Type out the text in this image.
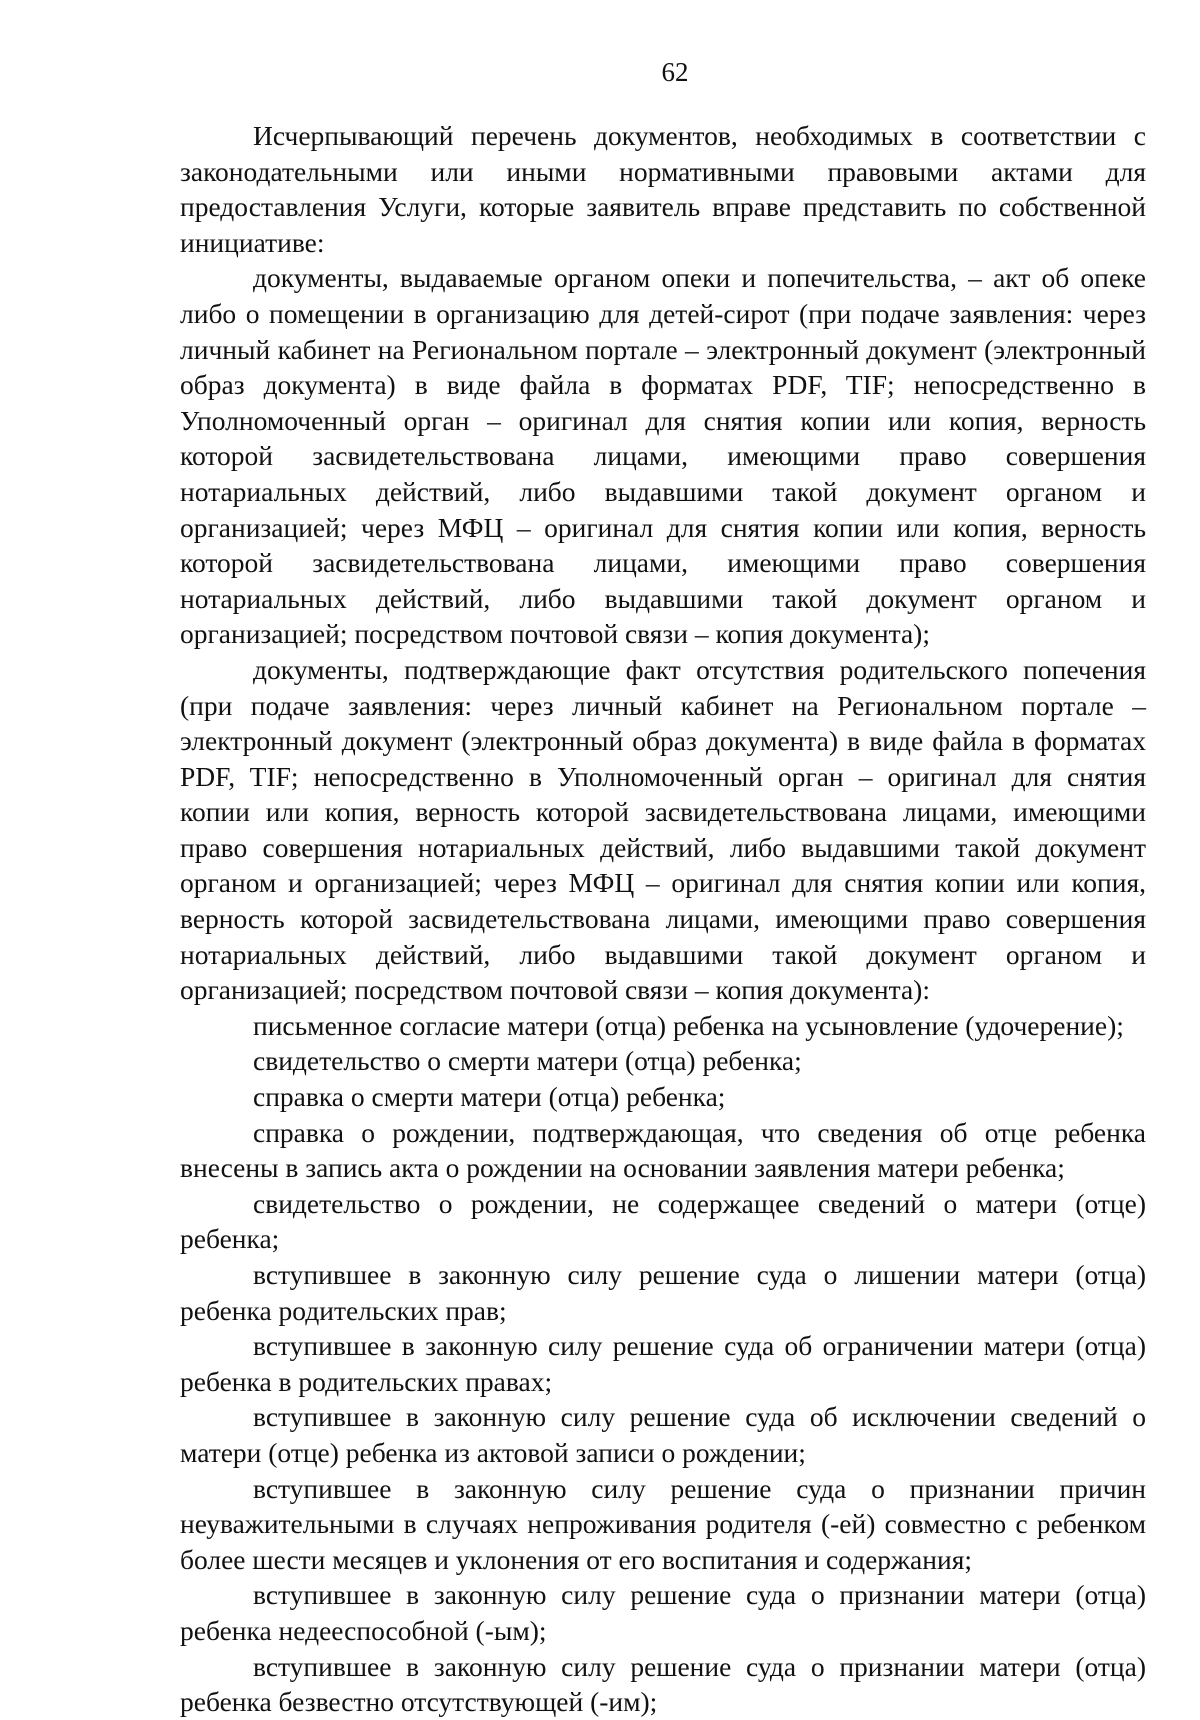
62

Исчерпывающий перечень документов, необходимых в соответствии с законодательными или иными нормативными правовыми актами для предоставления Услуги, которые заявитель вправе представить по собственной инициативе:

документы, выдаваемые органом опеки и попечительства, – акт об опеке либо о помещении в организацию для детей-сирот (при подаче заявления: через личный кабинет на Региональном портале – электронный документ (электронный образ документа) в виде файла в форматах PDF, TIF; непосредственно в Уполномоченный орган – оригинал для снятия копии или копия, верность которой засвидетельствована лицами, имеющими право совершения нотариальных действий, либо выдавшими такой документ органом и организацией; через МФЦ – оригинал для снятия копии или копия, верность которой засвидетельствована лицами, имеющими право совершения нотариальных действий, либо выдавшими такой документ органом и организацией; посредством почтовой связи – копия документа);

документы, подтверждающие факт отсутствия родительского попечения (при подаче заявления: через личный кабинет на Региональном портале – электронный документ (электронный образ документа) в виде файла в форматах PDF, TIF; непосредственно в Уполномоченный орган – оригинал для снятия копии или копия, верность которой засвидетельствована лицами, имеющими право совершения нотариальных действий, либо выдавшими такой документ органом и организацией; через МФЦ – оригинал для снятия копии или копия, верность которой засвидетельствована лицами, имеющими право совершения нотариальных действий, либо выдавшими такой документ органом и организацией; посредством почтовой связи – копия документа):

письменное согласие матери (отца) ребенка на усыновление (удочерение);

свидетельство о смерти матери (отца) ребенка;

справка о смерти матери (отца) ребенка;

справка о рождении, подтверждающая, что сведения об отце ребенка внесены в запись акта о рождении на основании заявления матери ребенка;

свидетельство о рождении, не содержащее сведений о матери (отце) ребенка;

вступившее в законную силу решение суда о лишении матери (отца) ребенка родительских прав;

вступившее в законную силу решение суда об ограничении матери (отца) ребенка в родительских правах;

вступившее в законную силу решение суда об исключении сведений о матери (отце) ребенка из актовой записи о рождении;

вступившее в законную силу решение суда о признании причин неуважительными в случаях непроживания родителя (-ей) совместно с ребенком более шести месяцев и уклонения от его воспитания и содержания;

вступившее в законную силу решение суда о признании матери (отца) ребенка недееспособной (-ым);

вступившее в законную силу решение суда о признании матери (отца) ребенка безвестно отсутствующей (-им);
